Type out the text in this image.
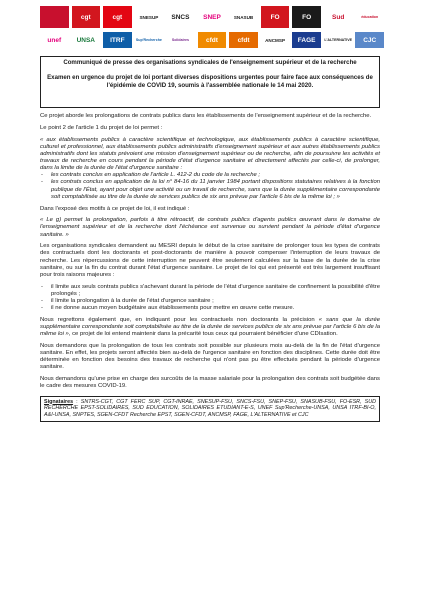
cgt	cgt	SNESUP	SNCS	SNEP	SNASUB	FO	FO	Sud	éducation
unef	UNSA	ITRF	Sup'Recherche	Solidaires	cfdt	cfdt	ANCMSP	FAGE	L'ALTERNATIVE	CJC

Communiqué de presse des organisations syndicales de l'enseignement supérieur et de la recherche

Examen en urgence du projet de loi portant diverses dispositions urgentes pour faire face aux conséquences de l'épidémie de COVID 19, soumis à l'assemblée nationale le 14 mai 2020.

Ce projet aborde les prolongations de contrats publics dans les établissements de l'enseignement supérieur et de la recherche.

Le point 2 de l'article 1 du projet de loi permet :

« aux établissements publics à caractère scientifique et technologique, aux établissements publics à caractère scientifique, culturel et professionnel, aux établissements publics administratifs d'enseignement supérieur et aux autres établissements publics administratifs dont les statuts prévoient une mission d'enseignement supérieur ou de recherche, afin de poursuivre les activités et travaux de recherche en cours pendant la période d'état d'urgence sanitaire et directement affectés par celle-ci, de prolonger, dans la limite de la durée de l'état d'urgence sanitaire :

- les contrats conclus en application de l'article L. 412-2 du code de la recherche ;
- les contrats conclus en application de la loi n° 84-16 du 11 janvier 1984 portant dispositions statutaires relatives à la fonction publique de l'État, ayant pour objet une activité ou un travail de recherche, sans que la durée supplémentaire correspondante soit comptabilisée au titre de la durée de services publics de six ans prévue par l'article 6 bis de la même loi ; »

Dans l'exposé des motifs à ce projet de loi, il est indiqué :

« Le g) permet la prolongation, parfois à titre rétroactif, de contrats publics d'agents publics œuvrant dans le domaine de l'enseignement supérieur et de la recherche dont l'échéance est survenue ou survient pendant la période d'état d'urgence sanitaire. »

Les organisations syndicales demandent au MESRI depuis le début de la crise sanitaire de prolonger tous les types de contrats des contractuels dont les doctorants et post-doctorants de manière à pouvoir compenser l'interruption de leurs travaux de recherche. Les répercussions de cette interruption ne peuvent être seulement calculées sur la base de la durée de la crise sanitaire, ou sur la fin du contrat durant l'état d'urgence sanitaire. Le projet de loi qui est présenté est très largement insuffisant pour trois raisons majeures :

- il limite aux seuls contrats publics s'achevant durant la période de l'état d'urgence sanitaire de confinement la possibilité d'être prolongés ;
- il limite la prolongation à la durée de l'état d'urgence sanitaire ;
- il ne donne aucun moyen budgétaire aux établissements pour mettre en œuvre cette mesure.

Nous regrettons également que, en indiquant pour les contractuels non doctorants la précision « sans que la durée supplémentaire correspondante soit comptabilisée au titre de la durée de services publics de six ans prévue par l'article 6 bis de la même loi », ce projet de loi entend maintenir dans la précarité tous ceux qui pourraient bénéficier d'une CDIsation.

Nous demandons que la prolongation de tous les contrats soit possible sur plusieurs mois au-delà de la fin de l'état d'urgence sanitaire. En effet, les projets seront affectés bien au-delà de l'urgence sanitaire en fonction des disciplines. Cette durée doit être déterminée en fonction des besoins des travaux de recherche qui n'ont pas pu être effectués pendant la période d'urgence sanitaire.

Nous demandons qu'une prise en charge des surcoûts de la masse salariale pour la prolongation des contrats soit budgétée dans le cadre des mesures COVID-19.

Signataires : SNTRS-CGT, CGT FERC SUP, CGT-INRAE, SNESUP-FSU, SNCS-FSU, SNEP-FSU, SNASUB-FSU, FO-ESR, SUD RECHERCHE EPST-SOLIDAIRES, SUD EDUCATION, SOLIDAIRES ETUDIANT-E-S, UNEF Sup'Recherche-UNSA, UNSA ITRF-BI-O, A&I-UNSA, SNPTES, SGEN-CFDT Recherche EPST, SGEN-CFDT, ANCMSP, FAGE, L'ALTERNATIVE et CJC
